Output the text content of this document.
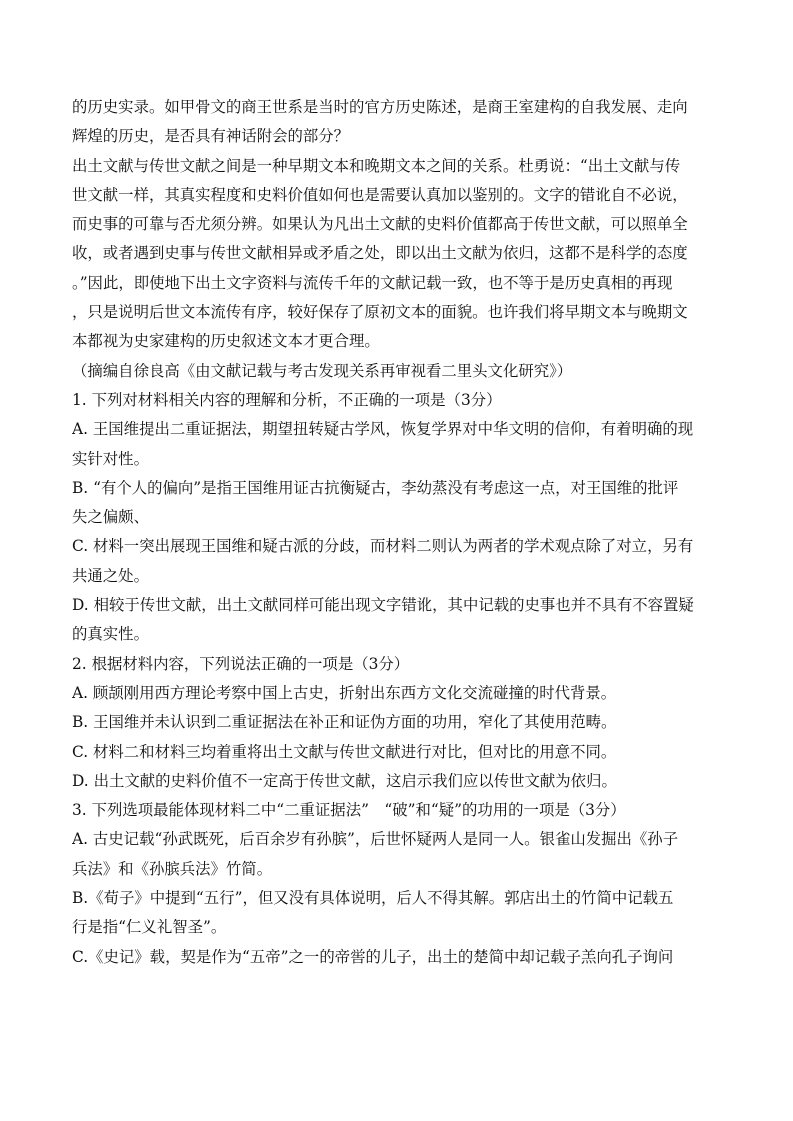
的历史实录。如甲骨文的商王世系是当时的官方历史陈述，是商王室建构的自我发展、走向
辉煌的历史，是否具有神话附会的部分？
出土文献与传世文献之间是一种早期文本和晚期文本之间的关系。杜勇说：“出土文献与传
世文献一样，其真实程度和史料价值如何也是需要认真加以鉴别的。文字的错讹自不必说，
而史事的可靠与否尤须分辨。如果认为凡出土文献的史料价值都高于传世文献，可以照单全
收，或者遇到史事与传世文献相异或矛盾之处，即以出土文献为依归，这都不是科学的态度
。”因此，即使地下出土文字资料与流传千年的文献记载一致，也不等于是历史真相的再现
，只是说明后世文本流传有序，较好保存了原初文本的面貌。也许我们将早期文本与晚期文
本都视为史家建构的历史叙述文本才更合理。
（摘编自徐良高《由文献记载与考古发现关系再审视看二里头文化研究》）
1. 下列对材料相关内容的理解和分析，不正确的一项是（3分）
A. 王国维提出二重证据法，期望扭转疑古学风，恢复学界对中华文明的信仰，有着明确的现
实针对性。
B. “有个人的偏向”是指王国维用证古抗衡疑古，李幼蒸没有考虑这一点，对王国维的批评
失之偏颇、
C. 材料一突出展现王国维和疑古派的分歧，而材料二则认为两者的学术观点除了对立，另有
共通之处。
D. 相较于传世文献，出土文献同样可能出现文字错讹，其中记载的史事也并不具有不容置疑
的真实性。
2. 根据材料内容，下列说法正确的一项是（3分）
A. 顾颉刚用西方理论考察中国上古史，折射出东西方文化交流碰撞的时代背景。
B. 王国维并未认识到二重证据法在补正和证伪方面的功用，窄化了其使用范畴。
C. 材料二和材料三均着重将出土文献与传世文献进行对比，但对比的用意不同。
D. 出土文献的史料价值不一定高于传世文献，这启示我们应以传世文献为依归。
3. 下列选项最能体现材料二中“二重证据法”　“破”和“疑”的功用的一项是（3分）
A. 古史记载“孙武既死，后百余岁有孙膑”，后世怀疑两人是同一人。银雀山发掘出《孙子
兵法》和《孙膑兵法》竹简。
B.《荀子》中提到“五行”，但又没有具体说明，后人不得其解。郭店出土的竹简中记载五
行是指“仁义礼智圣”。
C.《史记》载，契是作为“五帝”之一的帝喾的儿子，出土的楚简中却记载子羔向孔子询问
